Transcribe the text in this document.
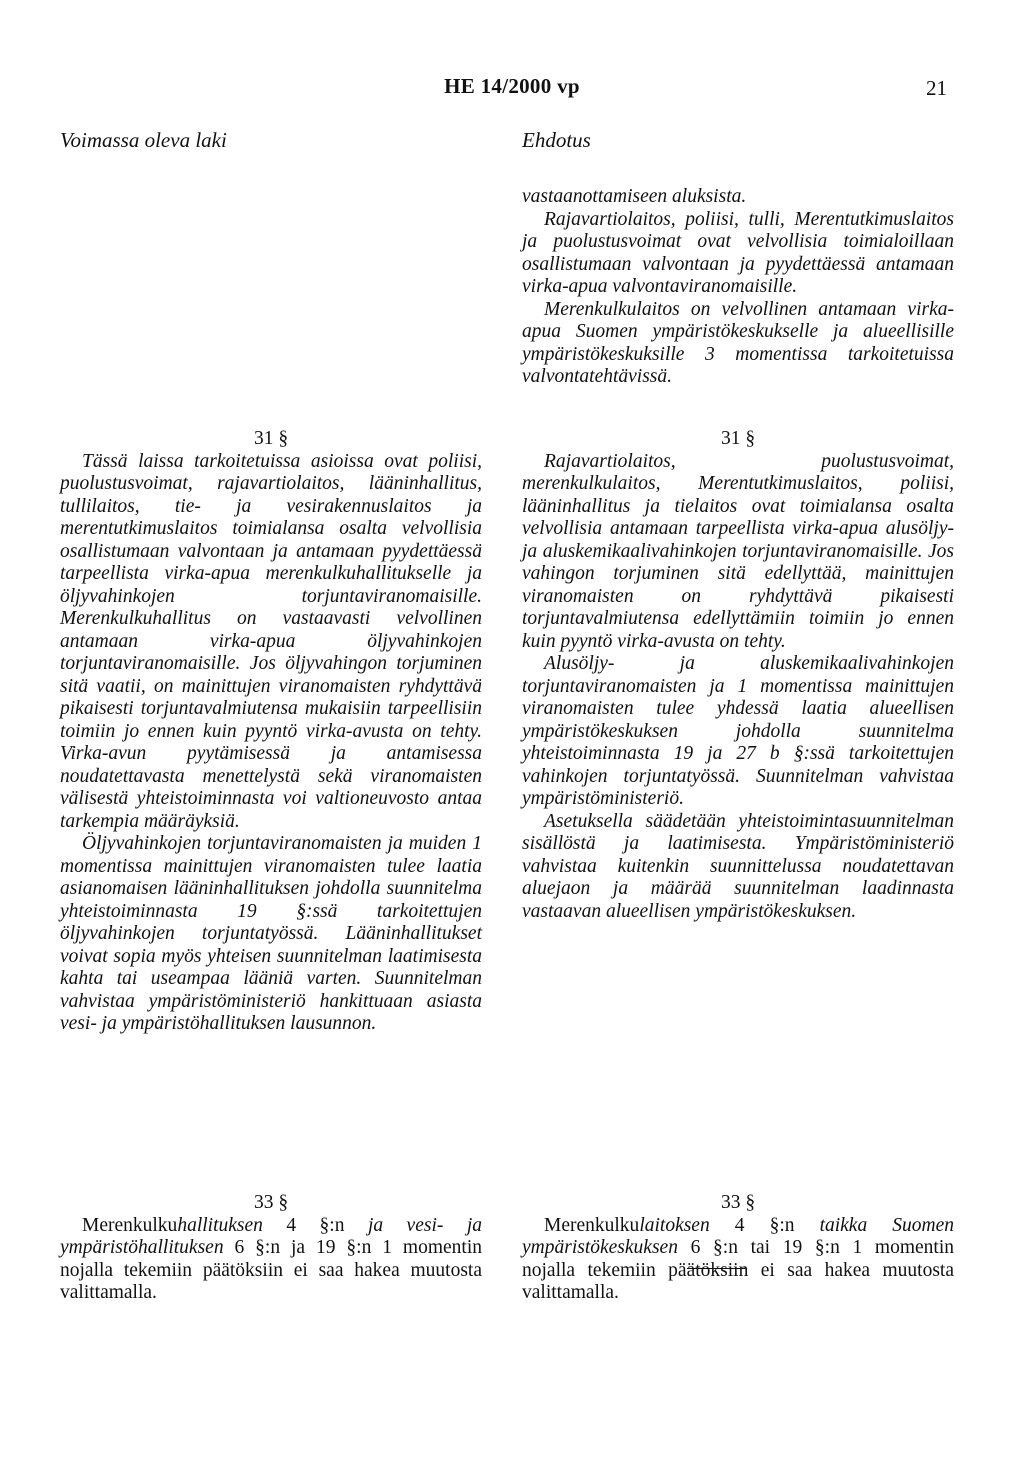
HE 14/2000 vp	21
Voimassa oleva laki	Ehdotus

vastaanottamiseen aluksista.

Rajavartiolaitos, poliisi, tulli, Merentutkimuslaitos ja puolustusvoimat ovat velvollisia toimialoillaan osallistumaan valvontaan ja pyydettäessä antamaan virka-apua valvontaviranomaisille.

Merenkulkulaitos on velvollinen antamaan virka-apua Suomen ympäristökeskukselle ja alueellisille ympäristökeskuksille 3 momentissa tarkoitetuissa valvontatehtävissä.

31 §

Tässä laissa tarkoitetuissa asioissa ovat poliisi, puolustusvoimat, rajavartiolaitos, lääninhallitus, tullilaitos, tie- ja vesirakennuslaitos ja merentutkimuslaitos toimialansa osalta velvollisia osallistumaan valvontaan ja antamaan pyydettäessä tarpeellista virka-apua merenkulkuhallitukselle ja öljyvahinkojen torjuntaviranomaisille. Merenkulkuhallitus on vastaavasti velvollinen antamaan virka-apua öljyvahinkojen torjuntaviranomaisille. Jos öljyvahingon torjuminen sitä vaatii, on mainittujen viranomaisten ryhdyttävä pikaisesti torjuntavalmiutensa mukaisiin tarpeellisiin toimiin jo ennen kuin pyyntö virka-avusta on tehty. Virka-avun pyytämisessä ja antamisessa noudatettavasta menettelystä sekä viranomaisten välisestä yhteistoiminnasta voi valtioneuvosto antaa tarkempia määräyksiä.

Öljyvahinkojen torjuntaviranomaisten ja muiden 1 momentissa mainittujen viranomaisten tulee laatia asianomaisen lääninhallituksen johdolla suunnitelma yhteistoiminnasta 19 §:ssä tarkoitettujen öljyvahinkojen torjuntatyössä. Lääninhallitukset voivat sopia myös yhteisen suunnitelman laatimisesta kahta tai useampaa lääniä varten. Suunnitelman vahvistaa ympäristöministeriö hankittuaan asiasta vesi- ja ympäristöhallituksen lausunnon.

31 §

Rajavartiolaitos, puolustusvoimat, merenkulkulaitos, Merentutkimuslaitos, poliisi, lääninhallitus ja tielaitos ovat toimialansa osalta velvollisia antamaan tarpeellista virka-apua alusöljy- ja aluskemikaalivahinkojen torjuntaviranomaisille. Jos vahingon torjuminen sitä edellyttää, mainittujen viranomaisten on ryhdyttävä pikaisesti torjuntavalmiutensa edellyttämiin toimiin jo ennen kuin pyyntö virka-avusta on tehty.

Alusöljy- ja aluskemikaalivahinkojen torjuntaviranomaisten ja 1 momentissa mainittujen viranomaisten tulee yhdessä laatia alueellisen ympäristökeskuksen johdolla suunnitelma yhteistoiminnasta 19 ja 27 b §:ssä tarkoitettujen vahinkojen torjuntatyössä. Suunnitelman vahvistaa ympäristöministeriö.

Asetuksella säädetään yhteistoimintasuunnitelman sisällöstä ja laatimisesta. Ympäristöministeriö vahvistaa kuitenkin suunnittelussa noudatettavan aluejaon ja määrää suunnitelman laadinnasta vastaavan alueellisen ympäristökeskuksen.

33 §

Merenkulkuhallituksen 4 §:n ja vesi- ja ympäristöhallituksen 6 §:n ja 19 §:n 1 momentin nojalla tekemiin päätöksiin ei saa hakea muutosta valittamalla.

33 §

Merenkulkulaitoksen 4 §:n taikka Suomen ympäristökeskuksen 6 §:n tai 19 §:n 1 momentin nojalla tekemiin päätöksiin ei saa hakea muutosta valittamalla.
